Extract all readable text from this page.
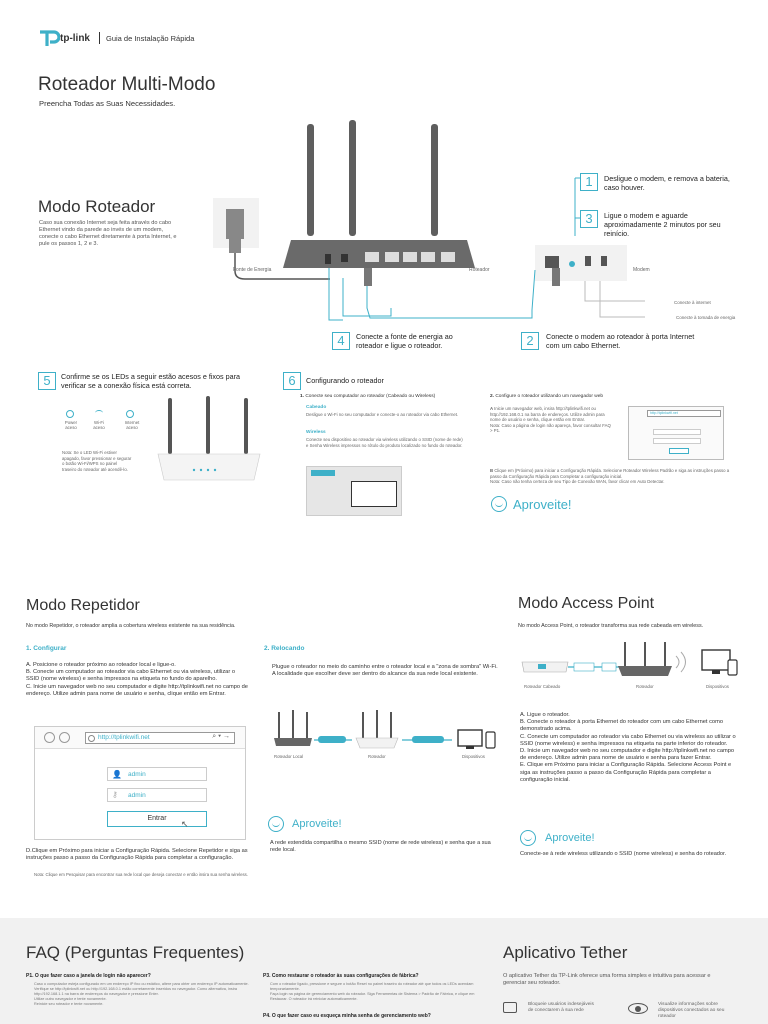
tp-link Guia de Instalação Rápida
Roteador Multi-Modo
Preencha Todas as Suas Necessidades.
Modo Roteador
Caso sua conexão Internet seja feita através do cabo Ethernet vindo da parede ao invés de um modem, conecte o cabo Ethernet diretamente à porta Internet, e pule os passos 1, 2 e 3.
Fonte de Energia	Roteador	Modem
Conecte à internet
Conecte à tomada de energia
1	Desligue o modem, e remova a bateria, caso houver.
3	Ligue o modem e aguarde aproximadamente 2 minutos por seu reinício.
4	Conecte a fonte de energia ao roteador e ligue o roteador.	2	Conecte o modem ao roteador à porta Internet com um cabo Ethernet.
5	Confirme se os LEDs a seguir estão acesos e fixos para verificar se a conexão física está correta.
Power
aceso
Wi-Fi
aceso
Internet
aceso
Nota: Se o LED Wi-Fi estiver apagado, favor pressionar e segurar o botão Wi-Fi/WPS no painel traseiro do roteador até acendê-lo.
6	Configurando o roteador
1. Conecte seu computador ao roteador (Cabeado ou Wireless)
Cabeado
Desligue o Wi-Fi no seu computador e conecte-o ao roteador via cabo Ethernet.
Wireless
Conecte seu dispositivo ao roteador via wireless utilizando o SSID (nome de rede) e Senha Wireless impressos no rótulo do produto localizado no fundo do roteador.
2. Configure o roteador utilizando um navegador web
A Inicie um navegador web, insira http://tplinkwifi.net ou http://192.168.0.1 na barra de endereços. Utilize admin para nome de usuário e senha, clique então em Entrar.
Nota: Caso a página de login não apareça, favor consultar FAQ > P1.
http://tplinkwifi.net
B Clique em (Próximo) para iniciar a Configuração Rápida. Selecione Roteador Wireless Padrão e siga as instruções passo a passo da Configuração Rápida para Completar a configuração inicial.
Nota: Caso não tenha certeza de seu Tipo de Conexão WAN, favor clicar em Auto Detectar.
Aproveite!
Modo Repetidor
No modo Repetidor, o roteador amplia a cobertura wireless existente na sua residência.
1. Configurar
A. Posicione o roteador próximo ao roteador local e ligue-o.
B. Conecte um computador ao roteador via cabo Ethernet ou via wireless, utilizar o SSID (nome wireless) e senha impressos na etiqueta no fundo do aparelho.
C. Inicie um navegador web no seu computador e digite http://tplinkwifi.net no campo de endereço. Utilize admin para nome de usuário e senha, clique então em Entrar.
http://tplinkwifi.net	⌕ ▾ →
👤 admin
⚷ admin
Entrar
↖
D.Clique em Próximo para iniciar a Configuração Rápida. Selecione Repetidor e siga as instruções passo a passo da Configuração Rápida para completar a configuração.
Nota: Clique em Pesquisar para encontrar sua rede local que deseja conectar e então insira sua senha wireless.
2. Relocando
Plugue o roteador no meio do caminho entre o roteador local e a "zona de sombra" Wi-Fi. A localidade que escolher deve ser dentro do alcance da sua rede local existente.
Roteador Local	Roteador	Dispositivos
Aproveite!
A rede estendida compartilha o mesmo SSID (nome de rede wireless) e senha que a sua rede local.
Modo Access Point
No modo Access Point, o roteador transforma sua rede cabeada em wireless.
Roteador Cabeado	Roteador	Dispositivos
A. Ligue o roteador.
B. Conecte o roteador à porta Ethernet do roteador com um cabo Ethernet como demonstrado acima.
C. Conecte um computador ao roteador via cabo Ethernet ou via wireless ao utilizar o SSID (nome wireless) e senha impressos na etiqueta na parte inferior do roteador.
D. Inicie um navegador web no seu computador e digite http://tplinkwifi.net no campo de endereço. Utilize admin para nome de usuário e senha para fazer Entrar.
E. Clique em Próximo para iniciar a Configuração Rápida. Selecione Access Point e siga as instruções passo a passo da Configuração Rápida para completar a configuração inicial.
Aproveite!
Conecte-se à rede wireless utilizando o SSID (nome wireless) e senha do roteador.
FAQ (Perguntas Frequentes)
P1. O que fazer caso a janela de login não aparecer?
Caso o computador esteja configurado em um endereço IP fixo ou estático, altere para obter um endereço IP automaticamente.
Verifique se http://tplinkwifi.net ou http://192.168.0.1 estão corretamente inseridos no navegador. Como alternativa, insira http://192.168.1.1 na barra de endereços do navegador e pressione Enter.
Utilize outro navegador e tente novamente.
Reinicie seu roteador e tente novamente.
P3. Como restaurar o roteador às suas configurações de fábrica?
Com o roteador ligado, pressione e segure o botão Reset no painel traseiro do roteador até que todos os LEDs acendam temporariamente.
Faça login na página de gerenciamento web do roteador. Siga Ferramentas de Sistema > Padrão de Fábrica, e clique em Restaurar. O roteador irá reiniciar automaticamente.
P4. O que fazer caso eu esqueça minha senha de gerenciamento web?
Aplicativo Tether
O aplicativo Tether da TP-Link oferece uma forma simples e intuitiva para acessar e gerenciar seu roteador.
Bloqueie usuários indesejáveis de conectarem à sua rede
Visualize informações sobre dispositivos conectados ao seu roteador
